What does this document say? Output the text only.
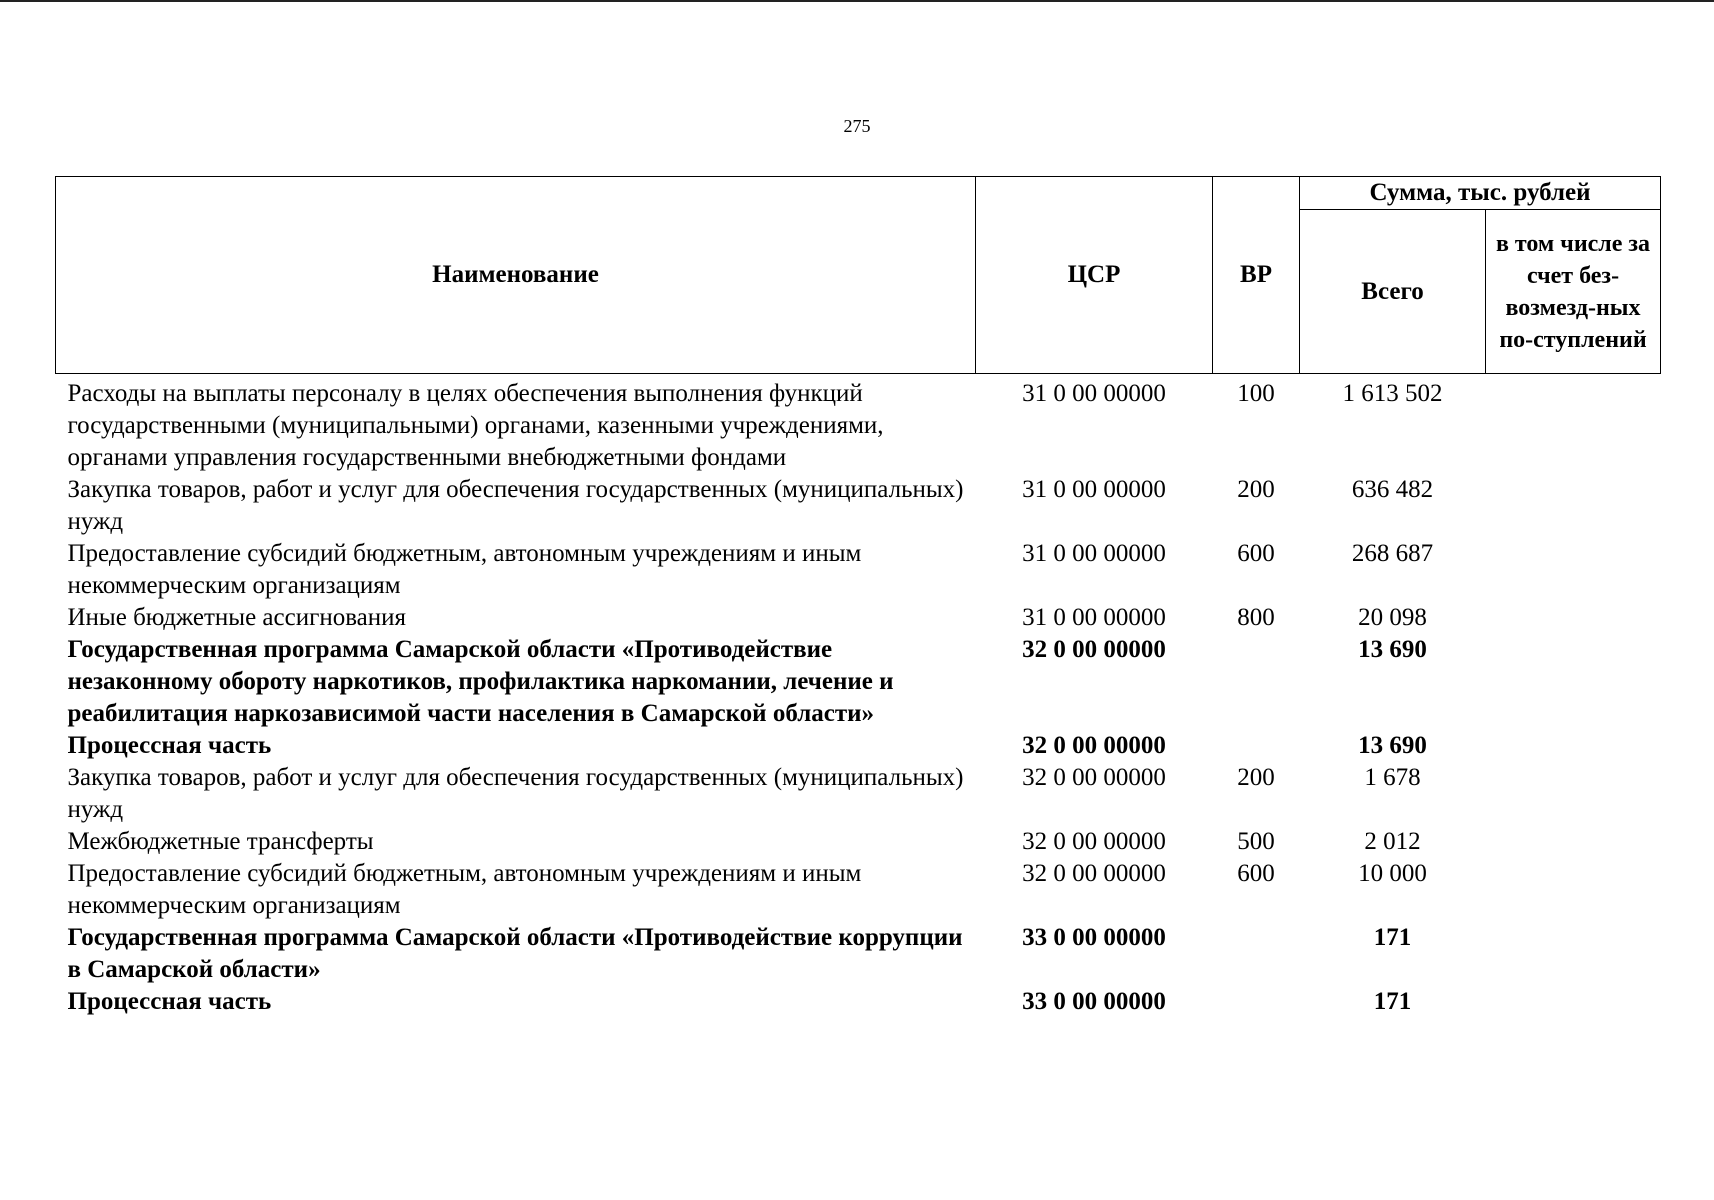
275
Наименование	ЦСР	ВР	Сумма, тыс. рублей	
			Всего	в том числе за счет без-возмезд-ных по-ступлений
Расходы на выплаты персоналу в целях обеспечения выполнения функций государственными (муниципальными) органами, казенными учреждениями, органами управления государственными внебюджетными фондами	31 0 00 00000	100	1 613 502	
Закупка товаров, работ и услуг для обеспечения государственных (муниципальных) нужд	31 0 00 00000	200	636 482	
Предоставление субсидий бюджетным, автономным учреждениям и иным некоммерческим организациям	31 0 00 00000	600	268 687	
Иные бюджетные ассигнования	31 0 00 00000	800	20 098	
Государственная программа Самарской области «Противодействие незаконному обороту наркотиков, профилактика наркомании, лечение и реабилитация наркозависимой части населения в Самарской области»	32 0 00 00000		13 690	
Процессная часть	32 0 00 00000		13 690	
Закупка товаров, работ и услуг для обеспечения государственных (муниципальных) нужд	32 0 00 00000	200	1 678	
Межбюджетные трансферты	32 0 00 00000	500	2 012	
Предоставление субсидий бюджетным, автономным учреждениям и иным некоммерческим организациям	32 0 00 00000	600	10 000	
Государственная программа Самарской области «Противодействие коррупции в Самарской области»	33 0 00 00000		171	
Процессная часть	33 0 00 00000		171	
